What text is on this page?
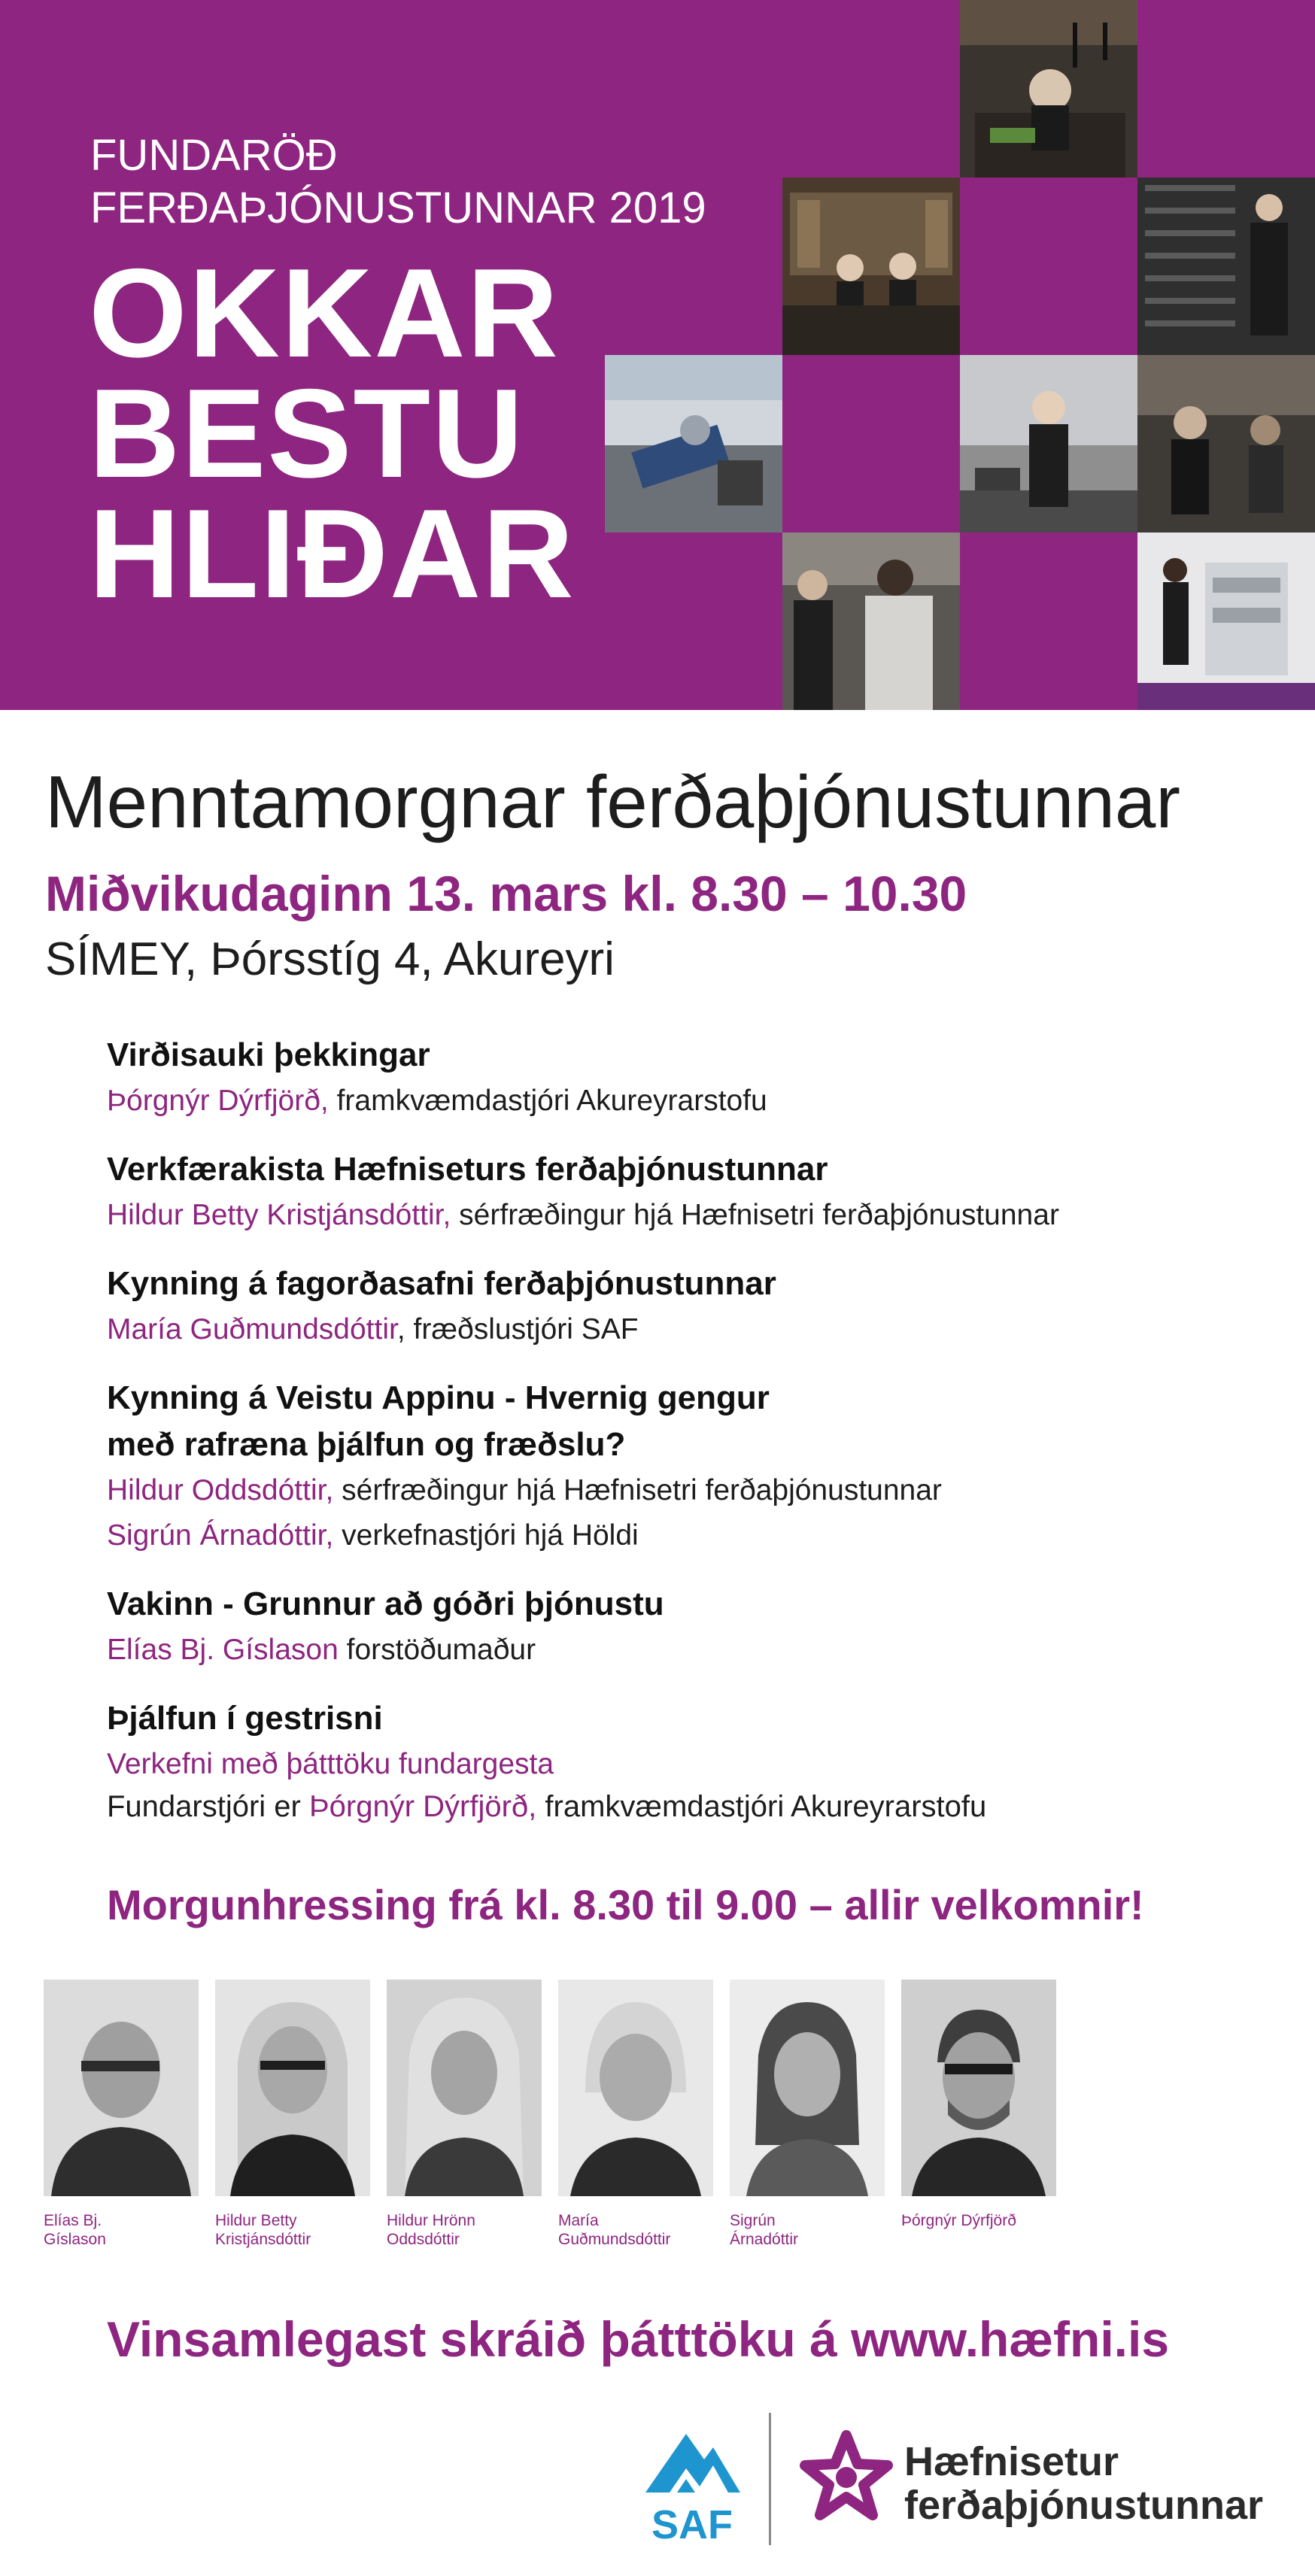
FUNDARÖÐ
FERÐAÞJÓNUSTUNNAR 2019
OKKAR
BESTU
HLIÐAR
Menntamorgnar ferðaþjónustunnar
Miðvikudaginn 13. mars kl. 8.30 – 10.30
SÍMEY, Þórsstíg 4, Akureyri
Virðisauki þekkingar
Þórgnýr Dýrfjörð, framkvæmdastjóri Akureyrarstofu
Verkfærakista Hæfniseturs ferðaþjónustunnar
Hildur Betty Kristjánsdóttir, sérfræðingur hjá Hæfnisetri ferðaþjónustunnar
Kynning á fagorðasafni ferðaþjónustunnar
María Guðmundsdóttir, fræðslustjóri SAF
Kynning á Veistu Appinu - Hvernig gengur
með rafræna þjálfun og fræðslu?
Hildur Oddsdóttir, sérfræðingur hjá Hæfnisetri ferðaþjónustunnar
Sigrún Árnadóttir, verkefnastjóri hjá Höldi
Vakinn - Grunnur að góðri þjónustu
Elías Bj. Gíslason forstöðumaður
Þjálfun í gestrisni
Verkefni með þátttöku fundargesta
Fundarstjóri er Þórgnýr Dýrfjörð, framkvæmdastjóri Akureyrarstofu
Morgunhressing frá kl. 8.30 til 9.00 – allir velkomnir!
Elías Bj.
Gíslason
Hildur Betty
Kristjánsdóttir
Hildur Hrönn
Oddsdóttir
María
Guðmundsdóttir
Sigrún
Árnadóttir
Þórgnýr Dýrfjörð
Vinsamlegast skráið þátttöku á www.hæfni.is
SAF
Hæfnisetur
ferðaþjónustunnar
